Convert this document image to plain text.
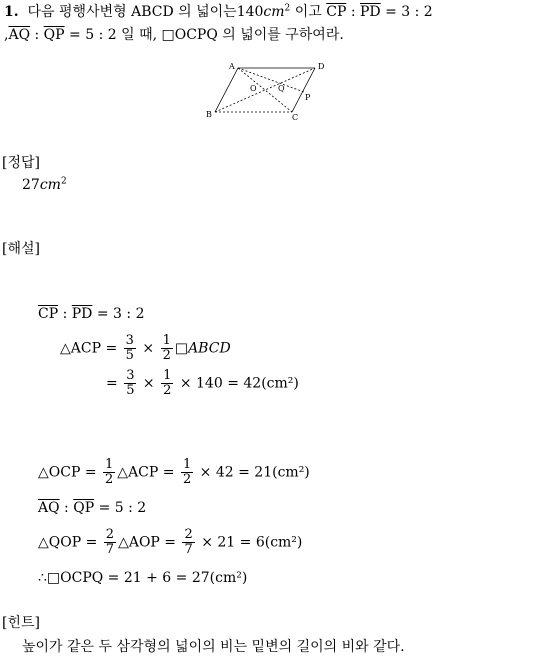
1. 다음 평행사변형 ABCD 의 넓이는$140cm^2$ 이고 $\overline{CP}$ : $\overline{PD} = 3$ : 2
$,\overline{AQ}$ : $\overline{QP} = 5$ : 2 일 때, □OCPQ 의 넓이를 구하여라.
A
B	C
D
O	Q
P
[정답]
$27cm^2$
[해설]
$\overline{CP}$ : $\overline{PD} = 3$ : 2
△ACP = $\frac{3}{5} \times \frac{1}{2}$ □ABCD
= $\frac{3}{5} \times \frac{1}{2} \times 140 = 42(cm^2)$
△OCP = $\frac{1}{2}$ △ACP = $\frac{1}{2} \times 42 = 21(cm^2)$
$\overline{AQ}$ : $\overline{QP} = 5$ : 2
△QOP = $\frac{2}{7}$ △AOP = $\frac{2}{7} \times 21 = 6(cm^2)$
∴□OCPQ = 21 + 6 = 27(cm²)
[힌트]
높이가 같은 두 삼각형의 넓이의 비는 밑변의 길이의 비와 같다.
